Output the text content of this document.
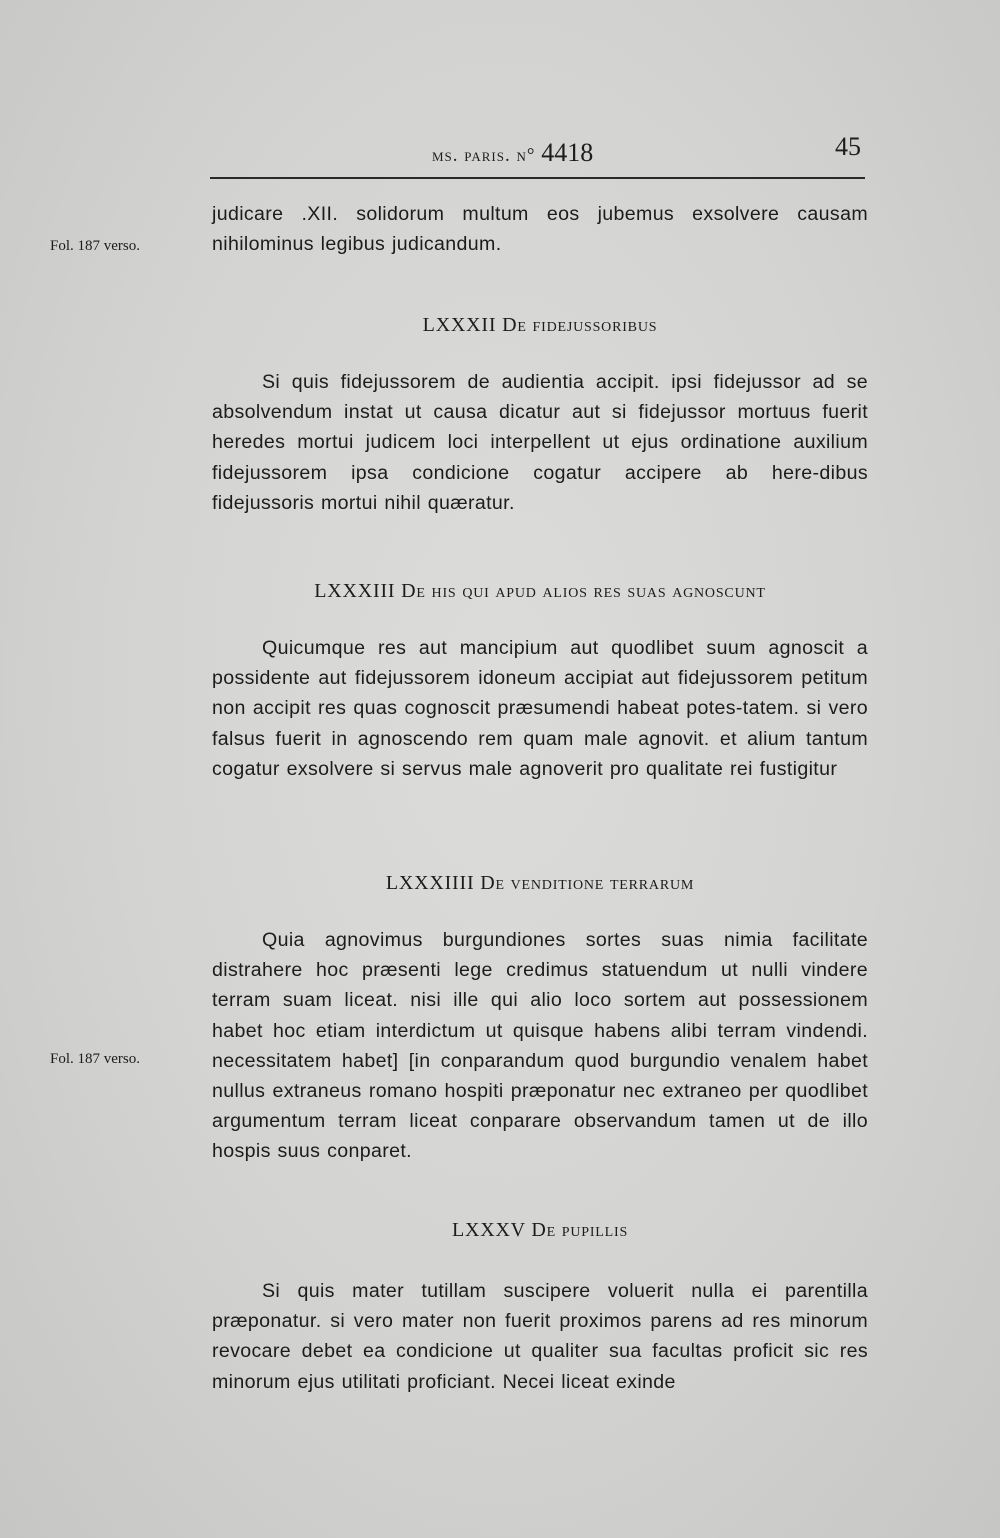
ms. paris. n° 4418	45
Fol. 187 verso.

judicare .XII. solidorum multum eos jubemus exsolvere causam nihilominus legibus judicandum.

LXXXII De fidejussoribus

Si quis fidejussorem de audientia accipit. ipsi fidejussor ad se absolvendum instat ut causa dicatur aut si fidejussor mortuus fuerit heredes mortui judicem loci interpellent ut ejus ordinatione auxilium fidejussorem ipsa condicione cogatur accipere ab here-dibus fidejussoris mortui nihil quæratur.

LXXXIII De his qui apud alios res suas agnoscunt

Quicumque res aut mancipium aut quodlibet suum agnoscit a possidente aut fidejussorem idoneum accipiat aut fidejussorem petitum non accipit res quas cognoscit præsumendi habeat potes-tatem. si vero falsus fuerit in agnoscendo rem quam male agnovit. et alium tantum cogatur exsolvere si servus male agnoverit pro qualitate rei fustigitur

LXXXIIII De venditione terrarum

Quia agnovimus burgundiones sortes suas nimia facilitate distrahere hoc præsenti lege credimus statuendum ut nulli vindere terram suam liceat. nisi ille qui alio loco sortem aut possessionem habet hoc etiam interdictum ut quisque habens alibi terram vindendi. necessitatem habet] [in conparandum quod burgundio venalem habet nullus extraneus romano hospiti præponatur nec extraneo per quodlibet argumentum terram liceat conparare observandum tamen ut de illo hospis suus conparet.

Fol. 187 verso.
LXXXV De pupillis

Si quis mater tutillam suscipere voluerit nulla ei parentilla præponatur. si vero mater non fuerit proximos parens ad res minorum revocare debet ea condicione ut qualiter sua facultas proficit sic res minorum ejus utilitati proficiant. Necei liceat exinde
